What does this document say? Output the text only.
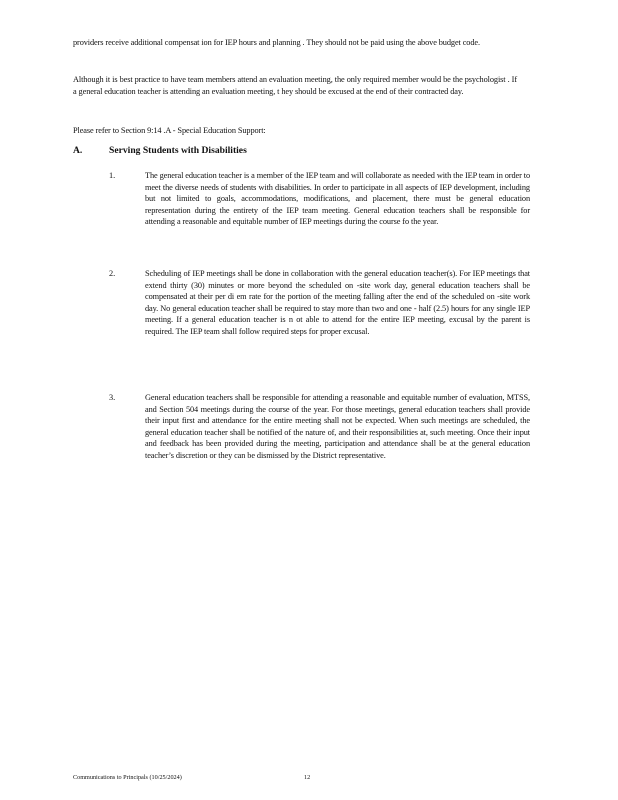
providers receive additional compensat ion for IEP hours and planning . They should not be paid using the above budget code.
Although it is best practice to have team members attend an evaluation meeting, the only required member would be the psychologist . If a general education teacher is attending an evaluation meeting, t hey should be excused at the end of their contracted day.
Please refer to Section 9:14 .A - Special Education Support:
A.	Serving Students with Disabilities
1.	The general education teacher is a member of the IEP team and will collaborate as needed with the IEP team in order to meet the diverse needs of students with disabilities. In order to participate in all aspects of IEP development, including but not limited to goals, accommodations, modifications, and placement, there must be general education representation during the entirety of the IEP team meeting. General education teachers shall be responsible for attending a reasonable and equitable number of IEP meetings during the course fo the year.
2.	Scheduling of IEP meetings shall be done in collaboration with the general education teacher(s). For IEP meetings that extend thirty (30) minutes or more beyond the scheduled on -site work day, general education teachers shall be compensated at their per di em rate for the portion of the meeting falling after the end of the scheduled on -site work day. No general education teacher shall be required to stay more than two and one - half (2.5) hours for any single IEP meeting. If a general education teacher is n ot able to attend for the entire IEP meeting, excusal by the parent is required. The IEP team shall follow required steps for proper excusal.
3.	General education teachers shall be responsible for attending a reasonable and equitable number of evaluation, MTSS, and Section 504 meetings during the course of the year. For those meetings, general education teachers shall provide their input first and attendance for the entire meeting shall not be expected. When such meetings are scheduled, the general education teacher shall be notified of the nature of, and their responsibilities at, such meeting. Once their input and feedback has been provided during the meeting, participation and attendance shall be at the general education teacher’s discretion or they can be dismissed by the District representative.
Communications to Principals (10/25/2024)	12
